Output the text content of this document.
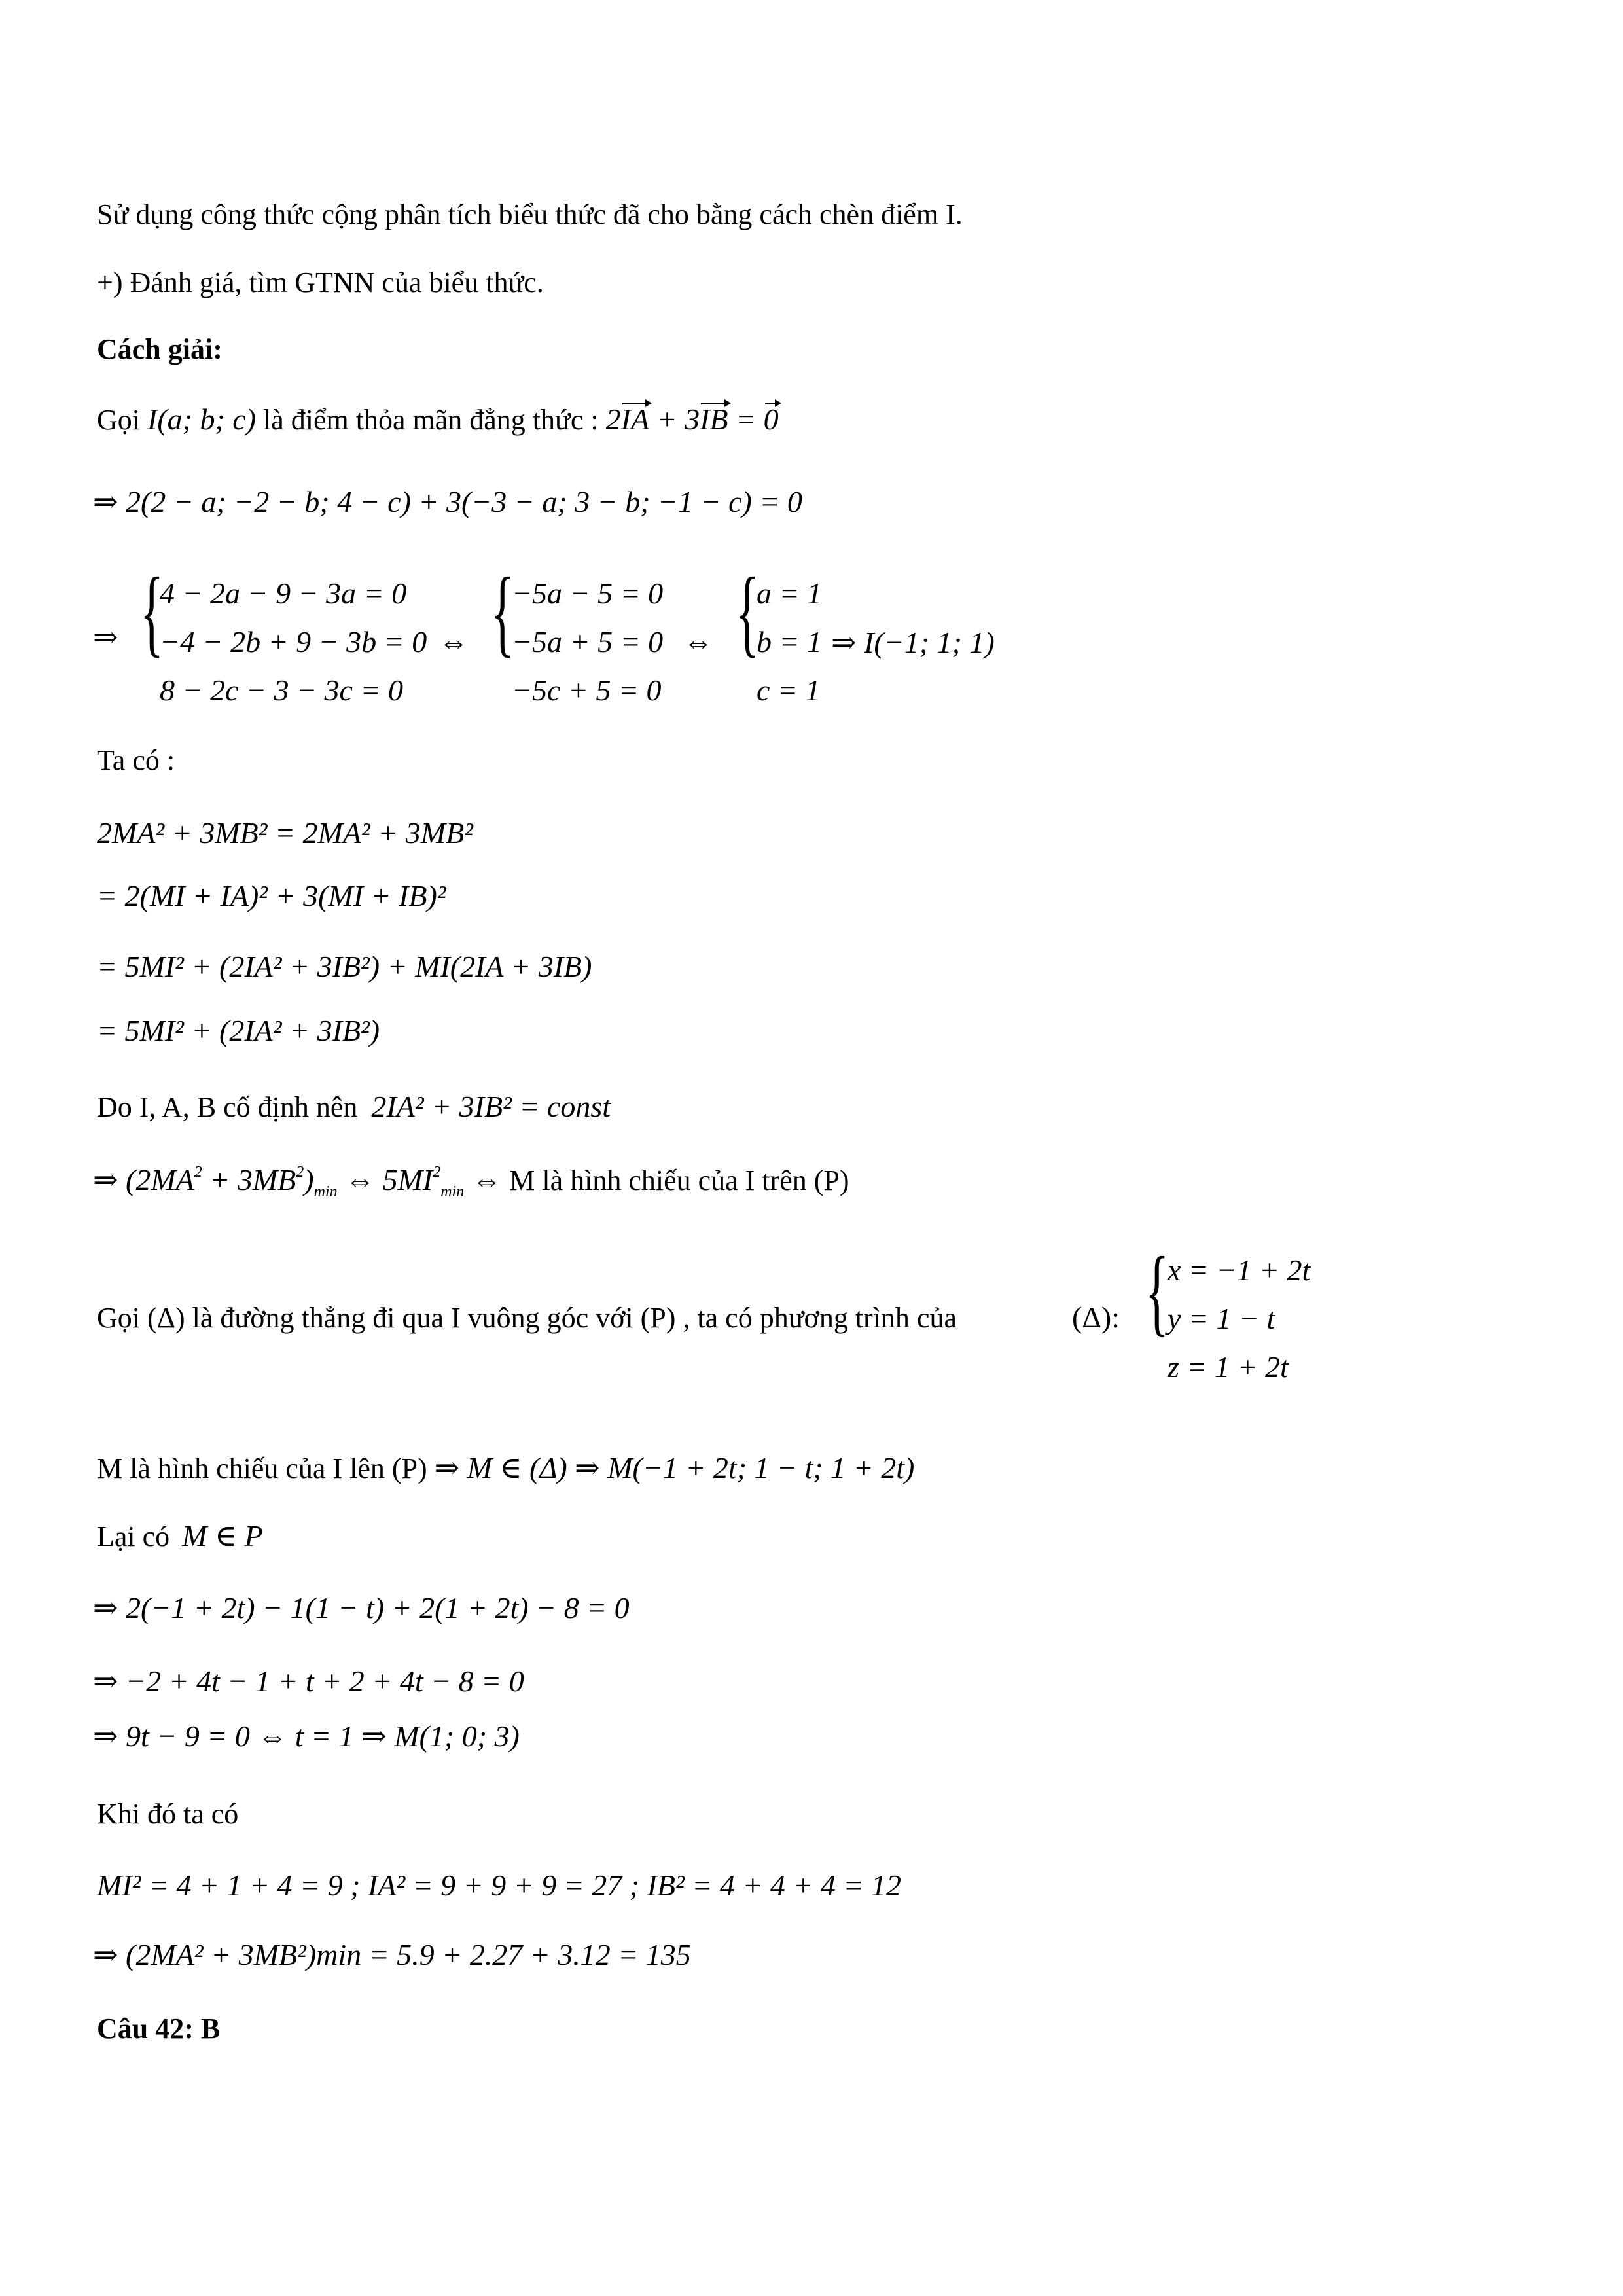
Sử dụng công thức cộng phân tích biểu thức đã cho bằng cách chèn điểm I.
+) Đánh giá, tìm GTNN của biểu thức.
Cách giải:
Gọi I(a; b; c) là điểm thỏa mãn đẳng thức : 2IA + 3IB = 0
⇒ 2(2 − a; −2 − b; 4 − c) + 3(−3 − a; 3 − b; −1 − c) = 0
⇒ {
4 − 2a − 9 − 3a = 0
−4 − 2b + 9 − 3b = 0
8 − 2c − 3 − 3c = 0
⇔ {
−5a − 5 = 0
−5a + 5 = 0
−5c + 5 = 0
⇔ {
a = 1
b = 1
c = 1
⇒ I(−1; 1; 1)
Ta có :
2MA² + 3MB² = 2MA² + 3MB²
= 2(MI + IA)² + 3(MI + IB)²
= 5MI² + (2IA² + 3IB²) + MI(2IA + 3IB)
= 5MI² + (2IA² + 3IB²)
Do I, A, B cố định nên 2IA² + 3IB² = const
⇒ $(2MA^2 + 3MB^2)_{min}$ ⇔ $5MI^2_{min}$ ⇔ M là hình chiếu của I trên (P)
Gọi (Δ) là đường thẳng đi qua I vuông góc với (P) , ta có phương trình của	(Δ): {
x = −1 + 2t
y = 1 − t
z = 1 + 2t
M là hình chiếu của I lên (P) ⇒ M ∈ (Δ) ⇒ M(−1 + 2t; 1 − t; 1 + 2t)
Lại có M ∈ P
⇒ 2(−1 + 2t) − 1(1 − t) + 2(1 + 2t) − 8 = 0
⇒ −2 + 4t − 1 + t + 2 + 4t − 8 = 0
⇒ 9t − 9 = 0 ⇔ t = 1 ⇒ M(1; 0; 3)
Khi đó ta có
MI² = 4 + 1 + 4 = 9 ; IA² = 9 + 9 + 9 = 27 ; IB² = 4 + 4 + 4 = 12
⇒ (2MA² + 3MB²)min = 5.9 + 2.27 + 3.12 = 135
Câu 42: B
